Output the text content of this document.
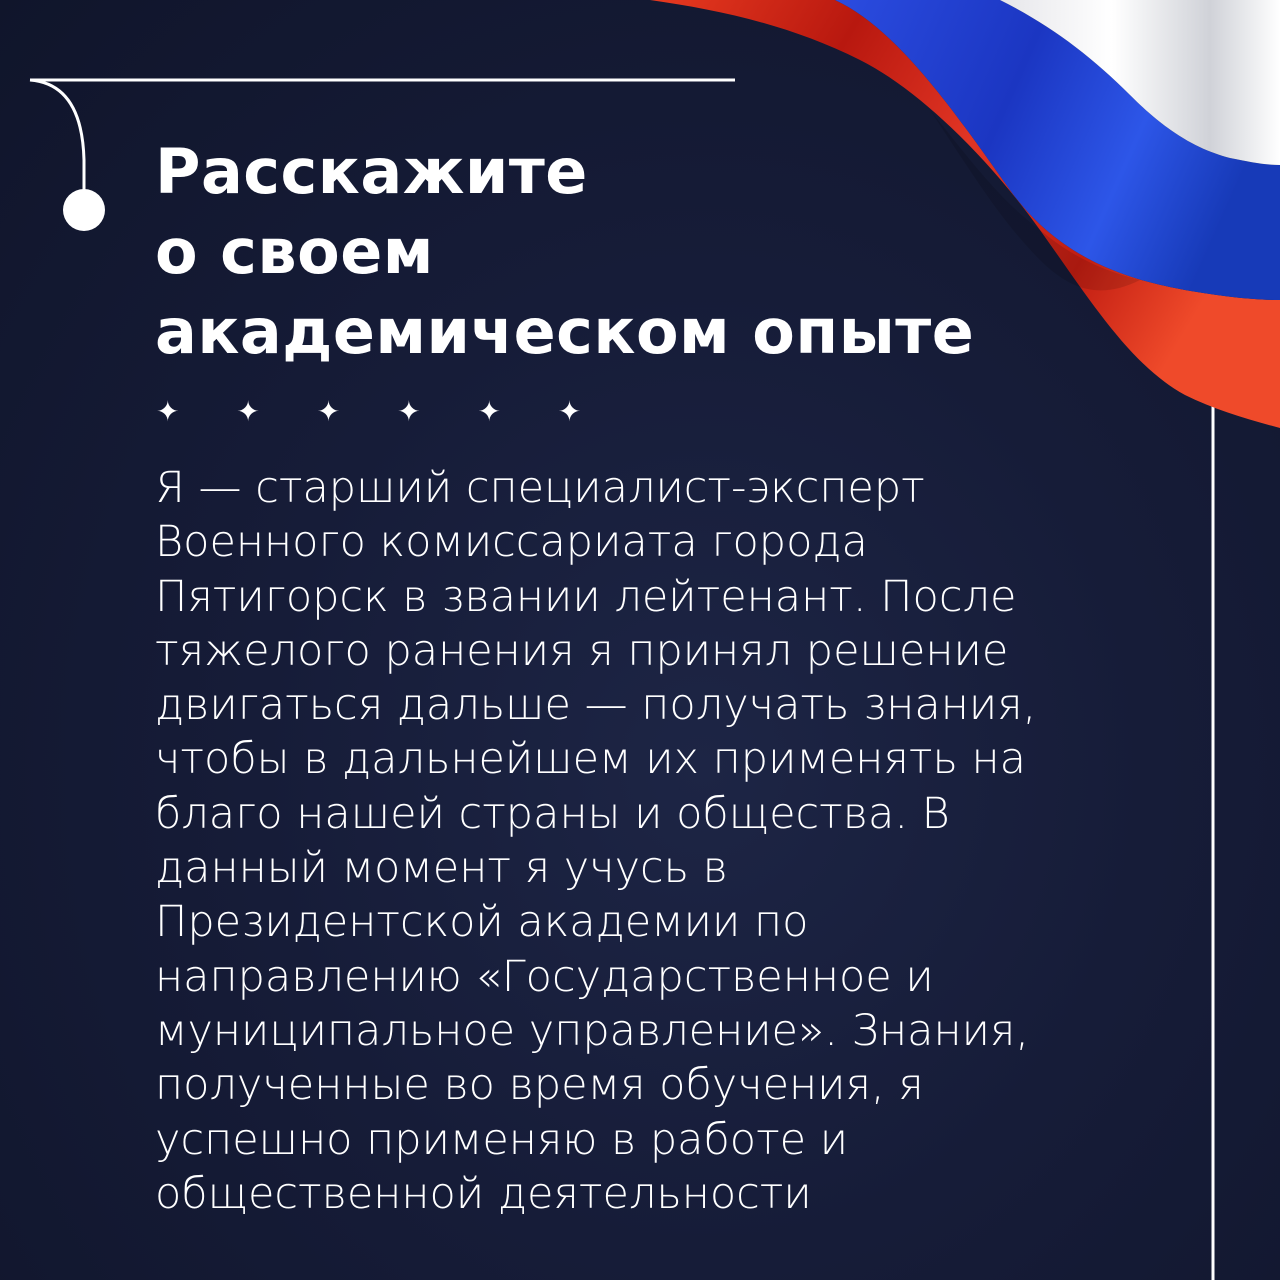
Расскажите
о своем
академическом опыте
✦ ✦ ✦ ✦ ✦ ✦

Я — старший специалист-эксперт
Военного комиссариата города
Пятигорск в звании лейтенант. После
тяжелого ранения я принял решение
двигаться дальше — получать знания,
чтобы в дальнейшем их применять на
благо нашей страны и общества. В
данный момент я учусь в
Президентской академии по
направлению «Государственное и
муниципальное управление». Знания,
полученные во время обучения, я
успешно применяю в работе и
общественной деятельности
